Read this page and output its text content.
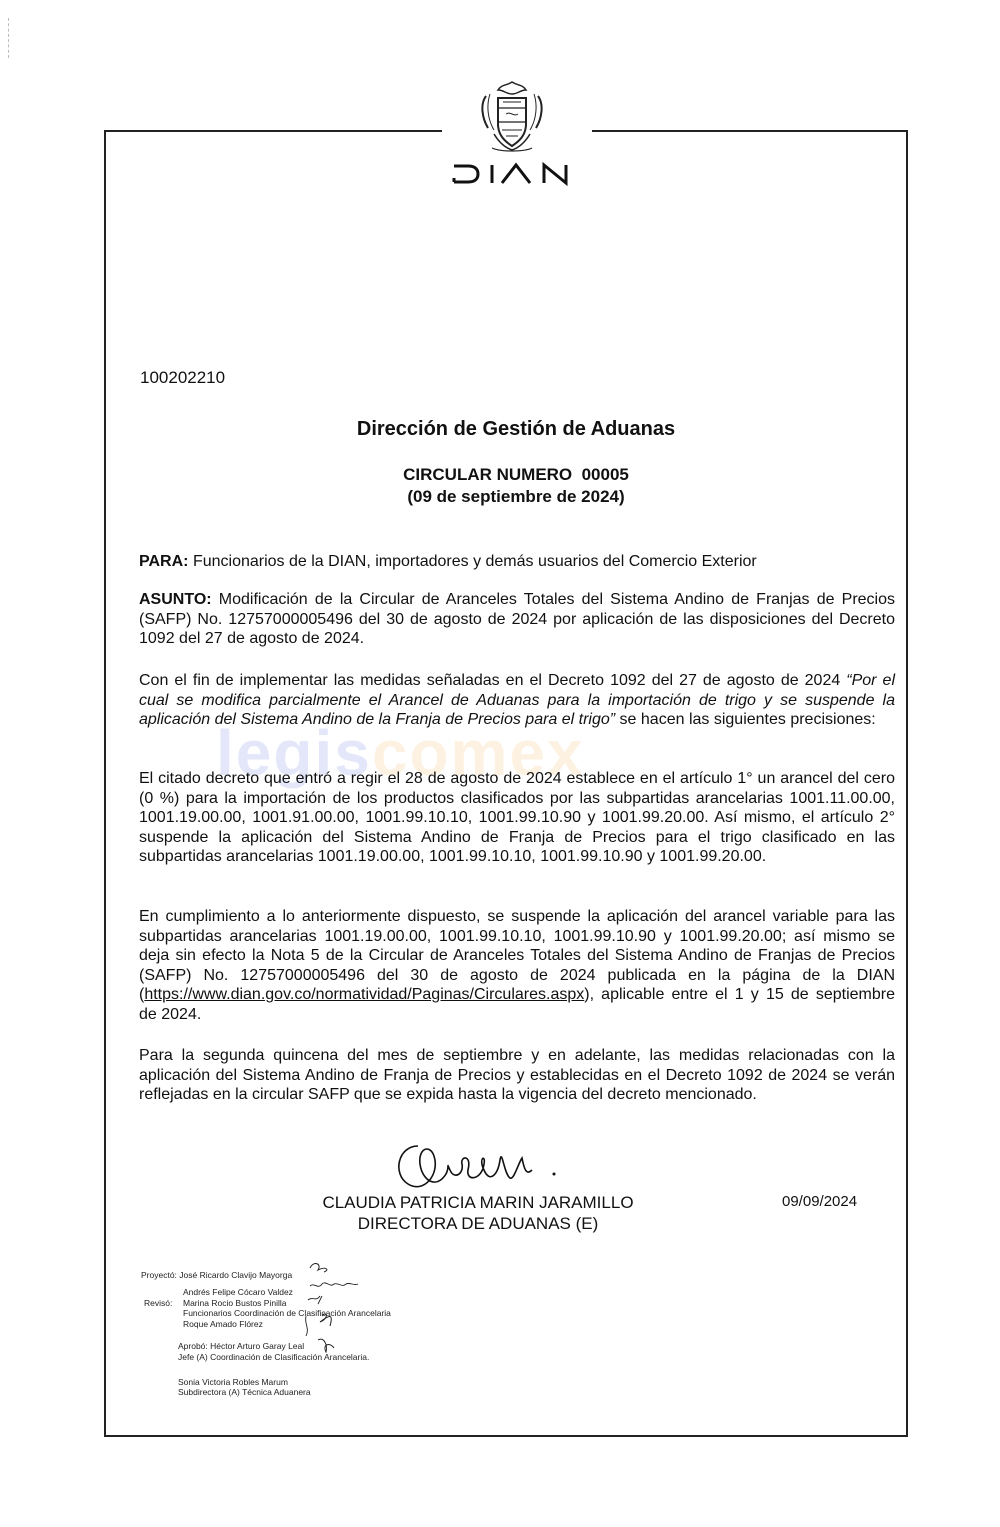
legiscomex
100202210
Dirección de Gestión de Aduanas
CIRCULAR NUMERO  00005
(09 de septiembre de 2024)

PARA: Funcionarios de la DIAN, importadores y demás usuarios del Comercio Exterior

ASUNTO: Modificación de la Circular de Aranceles Totales del Sistema Andino de Franjas de Precios (SAFP) No. 12757000005496 del 30 de agosto de 2024 por aplicación de las disposiciones del Decreto 1092 del 27 de agosto de 2024.

Con el fin de implementar las medidas señaladas en el Decreto 1092 del 27 de agosto de 2024 “Por el cual se modifica parcialmente el Arancel de Aduanas para la importación de trigo y se suspende la aplicación del Sistema Andino de la Franja de Precios para el trigo” se hacen las siguientes precisiones:

El citado decreto que entró a regir el 28 de agosto de 2024 establece en el artículo 1° un arancel del cero (0 %) para la importación de los productos clasificados por las subpartidas arancelarias 1001.11.00.00, 1001.19.00.00, 1001.91.00.00, 1001.99.10.10, 1001.99.10.90 y 1001.99.20.00. Así mismo, el artículo 2° suspende la aplicación del Sistema Andino de Franja de Precios para el trigo clasificado en las subpartidas arancelarias 1001.19.00.00, 1001.99.10.10, 1001.99.10.90 y 1001.99.20.00.

En cumplimiento a lo anteriormente dispuesto, se suspende la aplicación del arancel variable para las subpartidas arancelarias 1001.19.00.00, 1001.99.10.10, 1001.99.10.90 y 1001.99.20.00; así mismo se deja sin efecto la Nota 5 de la Circular de Aranceles Totales del Sistema Andino de Franjas de Precios (SAFP) No. 12757000005496 del 30 de agosto de 2024 publicada en la página de la DIAN (https://www.dian.gov.co/normatividad/Paginas/Circulares.aspx), aplicable entre el 1 y 15 de septiembre de 2024.

Para la segunda quincena del mes de septiembre y en adelante, las medidas relacionadas con la aplicación del Sistema Andino de Franja de Precios y establecidas en el Decreto 1092 de 2024 se verán reflejadas en la circular SAFP que se expida hasta la vigencia del decreto mencionado.

CLAUDIA PATRICIA MARIN JARAMILLO
DIRECTORA DE ADUANAS (E)
09/09/2024
Proyectó: José Ricardo Clavijo Mayorga
Andrés Felipe Cócaro Valdez
Revisó: Marina Rocio Bustos Pinilla
Funcionarios Coordinación de Clasificación Arancelaria
Roque Amado Flórez
Aprobó: Héctor Arturo Garay Leal
Jefe (A) Coordinación de Clasificación Arancelaria.
Sonia Victoria Robles Marum
Subdirectora (A) Técnica Aduanera
